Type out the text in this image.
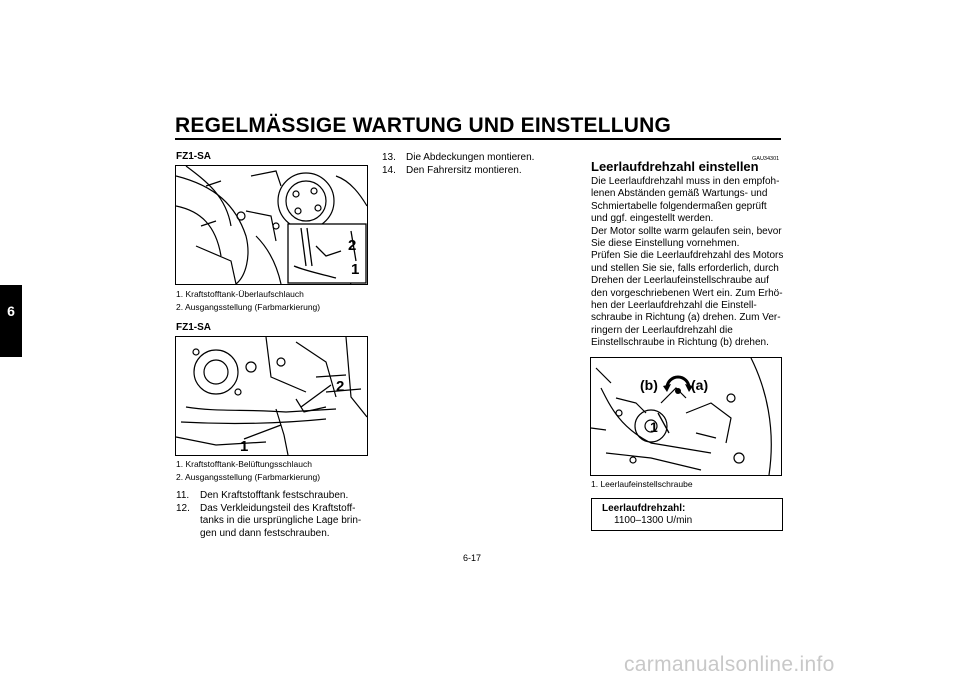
REGELMÄSSIGE WARTUNG UND EINSTELLUNG
6
FZ1-SA
2
1
1. Kraftstofftank-Überlaufschlauch
2. Ausgangsstellung (Farbmarkierung)
FZ1-SA
2
1
1. Kraftstofftank-Belüftungsschlauch
2. Ausgangsstellung (Farbmarkierung)
11. Den Kraftstofftank festschrauben.
12. Das Verkleidungsteil des Kraftstoff-
tanks in die ursprüngliche Lage brin-
gen und dann festschrauben.
13. Die Abdeckungen montieren.
14. Den Fahrersitz montieren.
GAU34301
Leerlaufdrehzahl einstellen
Die Leerlaufdrehzahl muss in den empfoh-
lenen Abständen gemäß Wartungs- und
Schmiertabelle folgendermaßen geprüft
und ggf. eingestellt werden.
Der Motor sollte warm gelaufen sein, bevor
Sie diese Einstellung vornehmen.
Prüfen Sie die Leerlaufdrehzahl des Motors
und stellen Sie sie, falls erforderlich, durch
Drehen der Leerlaufeinstellschraube auf
den vorgeschriebenen Wert ein. Zum Erhö-
hen der Leerlaufdrehzahl die Einstell-
schraube in Richtung (a) drehen. Zum Ver-
ringern der Leerlaufdrehzahl die
Einstellschraube in Richtung (b) drehen.
(b) (a)
1
1. Leerlaufeinstellschraube
Leerlaufdrehzahl:
1100–1300 U/min
6-17
carmanualsonline.info
